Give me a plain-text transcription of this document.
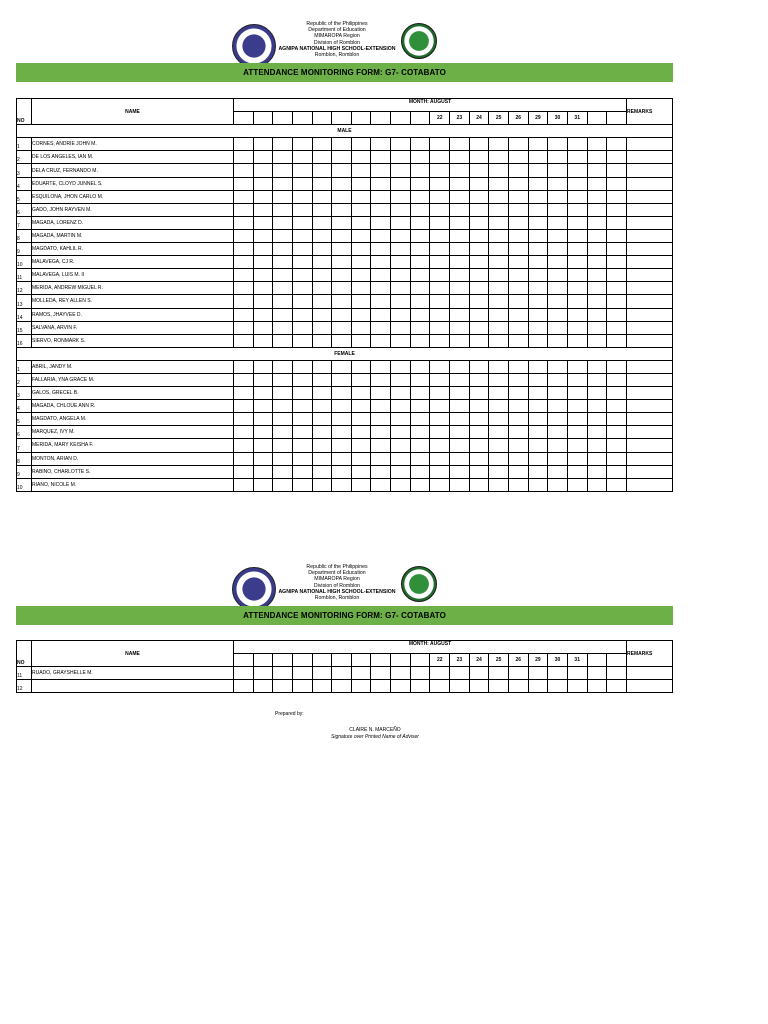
Republic of the Philippines
Department of Education
MIMAROPA Region
Division of Romblon
AGNIPA NATIONAL HIGH SCHOOL-EXTENSION
Romblon, Romblon
ATTENDANCE MONITORING FORM: G7- COTABATO
NO	NAME	MONTH: AUGUST																				REMARKS
												22	23	24	25	26	29	30	31			
MALE																						
1	CORNES, ANDRIE JOHN M.																					
2	DE LOS ANGELES, IAN M.																					
3	DELA CRUZ, FERNANDO M.																					
4	EDUARTE, CLOYD JUNNEL S.																					
5	ESQUILONA, JHON CARLO M.																					
6	GADO, JOHN RAYVEN M.																					
7	MAGADA, LORENZ D.																					
8	MAGADA, MARTIN M.																					
9	MAGDATO, KAHLIL R.																					
10	MALAVEGA, CJ R.																					
11	MALAVEGA, LUIS M. II																					
12	MERIDA, ANDREW MIGUEL R.																					
13	MOLLEDA, REY ALLEN S.																					
14	RAMOS, JHAYVEE D.																					
15	SALVANA, ARVIN F.																					
16	SIERVO, RONMARK S.																					
FEMALE																						
1	ABRIL, JANDY M.																					
2	FALLARIA, YNA GRACE M.																					
3	GALOS, GRECEL B.																					
4	MAGADA, CHLOUE ANN R.																					
5	MAGDATO, ANGELA M.																					
6	MARQUEZ, IVY M.																					
7	MERIDA, MARY KEISHA F.																					
8	MONTON, ARIAN D.																					
9	RABINO, CHARLOTTE S.																					
10	RIANO, NICOLE M.																					
Republic of the Philippines
Department of Education
MIMAROPA Region
Division of Romblon
AGNIPA NATIONAL HIGH SCHOOL-EXTENSION
Romblon, Romblon
ATTENDANCE MONITORING FORM: G7- COTABATO
NO	NAME	MONTH: AUGUST																				REMARKS
												22	23	24	25	26	29	30	31			
11	RUADO, GRAYSHELLE M.																					
12																						
Prepared by:
CLAIRE N. MARCEÑO
Signature over Printed Name of Adviser
